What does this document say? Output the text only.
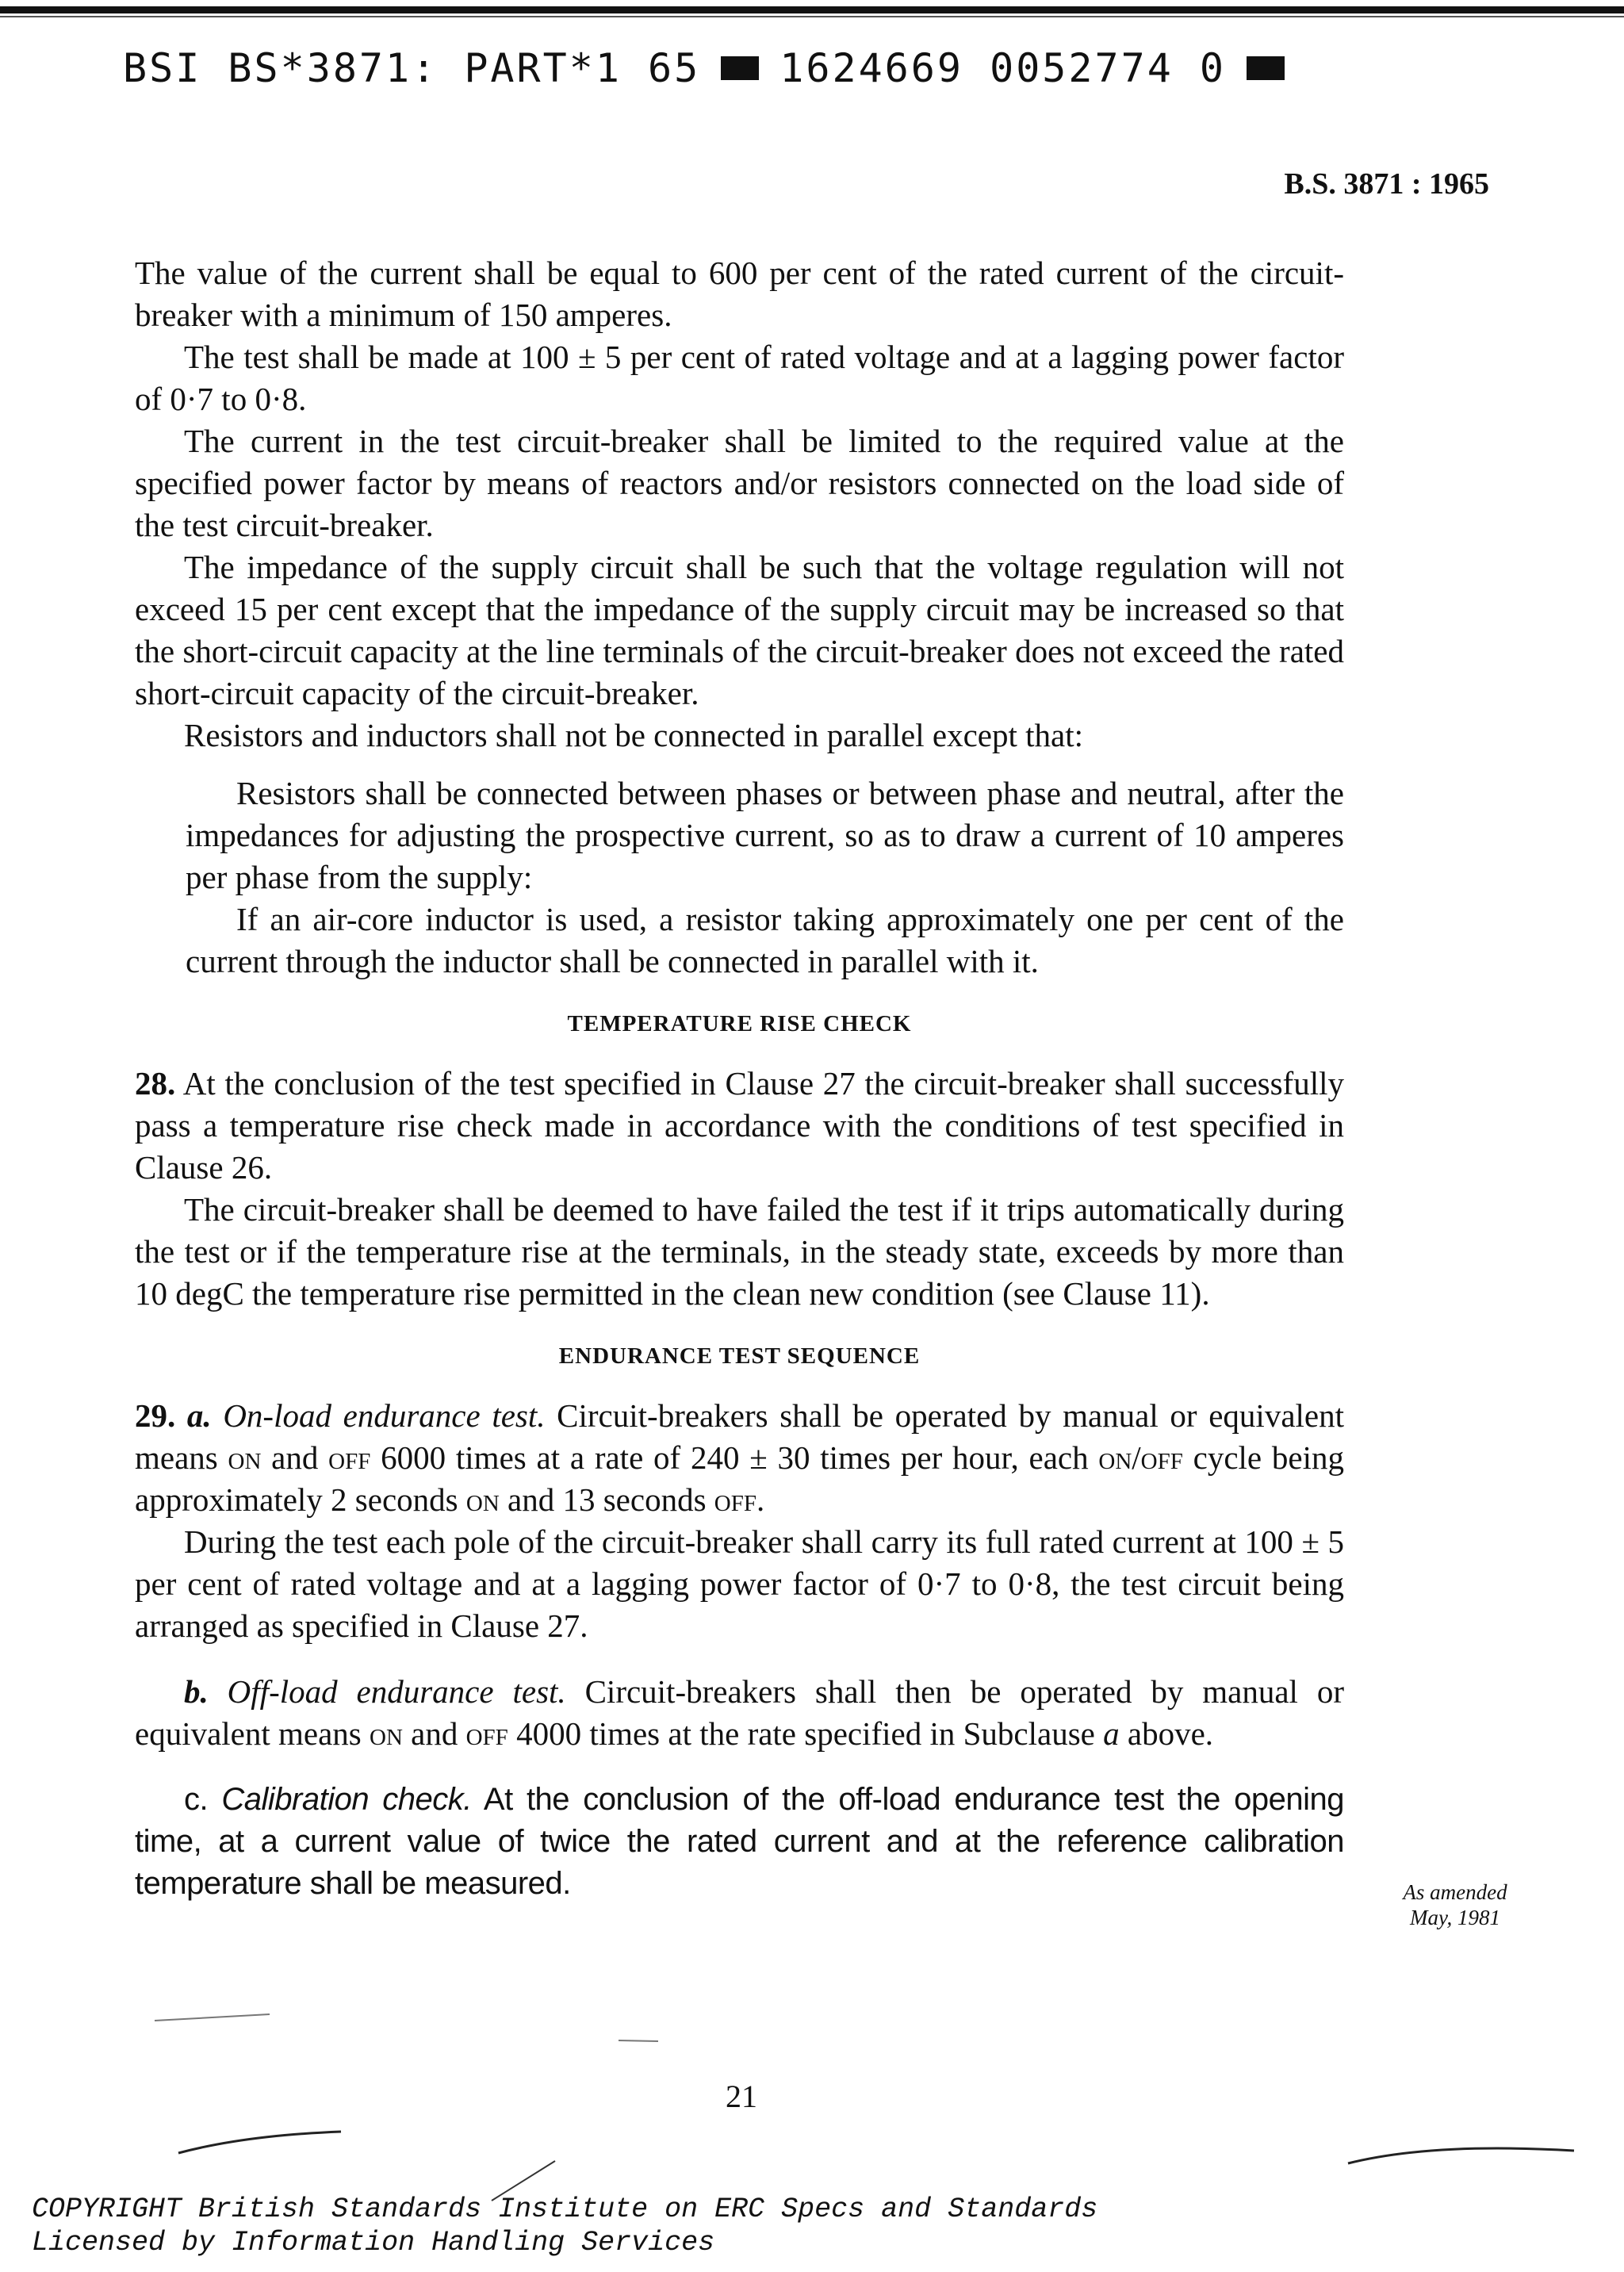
BSI BS*3871: PART*1 65 1624669 0052774 0
B.S. 3871 : 1965

The value of the current shall be equal to 600 per cent of the rated current of the circuit-breaker with a minimum of 150 amperes.

The test shall be made at 100 ± 5 per cent of rated voltage and at a lagging power factor of 0·7 to 0·8.

The current in the test circuit-breaker shall be limited to the required value at the specified power factor by means of reactors and/or resistors connected on the load side of the test circuit-breaker.

The impedance of the supply circuit shall be such that the voltage regulation will not exceed 15 per cent except that the impedance of the supply circuit may be increased so that the short-circuit capacity at the line terminals of the circuit-breaker does not exceed the rated short-circuit capacity of the circuit-breaker.

Resistors and inductors shall not be connected in parallel except that:

Resistors shall be connected between phases or between phase and neutral, after the impedances for adjusting the prospective current, so as to draw a current of 10 amperes per phase from the supply:

If an air-core inductor is used, a resistor taking approximately one per cent of the current through the inductor shall be connected in parallel with it.

TEMPERATURE RISE CHECK

28. At the conclusion of the test specified in Clause 27 the circuit-breaker shall successfully pass a temperature rise check made in accordance with the conditions of test specified in Clause 26.

The circuit-breaker shall be deemed to have failed the test if it trips automatically during the test or if the temperature rise at the terminals, in the steady state, exceeds by more than 10 degC the temperature rise permitted in the clean new condition (see Clause 11).

ENDURANCE TEST SEQUENCE

29. a. On-load endurance test. Circuit-breakers shall be operated by manual or equivalent means on and off 6000 times at a rate of 240 ± 30 times per hour, each on/off cycle being approximately 2 seconds on and 13 seconds off.

During the test each pole of the circuit-breaker shall carry its full rated current at 100 ± 5 per cent of rated voltage and at a lagging power factor of 0·7 to 0·8, the test circuit being arranged as specified in Clause 27.

b. Off-load endurance test. Circuit-breakers shall then be operated by manual or equivalent means on and off 4000 times at the rate specified in Subclause a above.

c. Calibration check. At the conclusion of the off-load endurance test the opening time, at a current value of twice the rated current and at the reference calibration temperature shall be measured.	As amended
May, 1981
21
COPYRIGHT British Standards Institute on ERC Specs and Standards
Licensed by Information Handling Services
